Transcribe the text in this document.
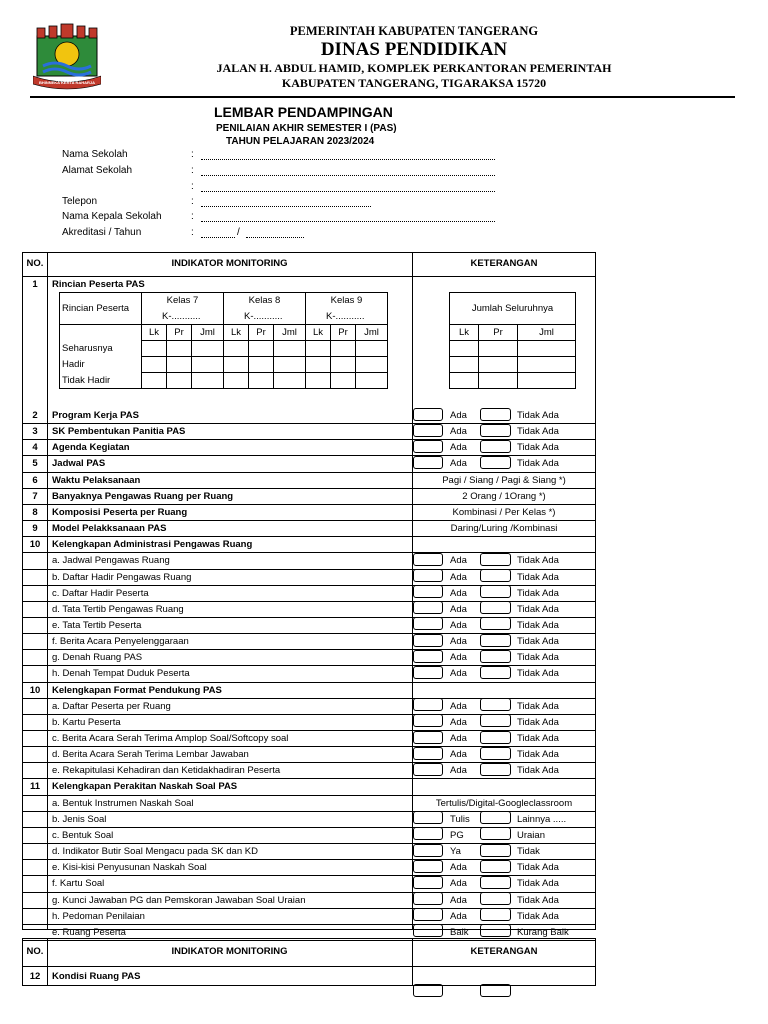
BHINNEKA KERTA RAHARJA
PEMERINTAH KABUPATEN TANGERANG
DINAS PENDIDIKAN
JALAN H. ABDUL HAMID, KOMPLEK PERKANTORAN PEMERINTAH
KABUPATEN TANGERANG, TIGARAKSA 15720
LEMBAR PENDAMPINGAN
PENILAIAN AKHIR SEMESTER I (PAS)
TAHUN PELAJARAN 2023/2024
Nama Sekolah	:
Alamat Sekolah	:
:
Telepon	:
Nama Kepala Sekolah	:
Akreditasi / Tahun	:	/
NO.	INDIKATOR MONITORING	KETERANGAN
1	Rincian Peserta PAS
Rincian Peserta	Kelas 7			Kelas 8			Kelas 9		
	K-...........			K-...........			K-...........		
	Lk	Pr	Jml	Lk	Pr	Jml	Lk	Pr	Jml
Seharusnya									
Hadir									
Tidak Hadir									
Jumlah Seluruhnya		
Lk	Pr	Jml

2	Program Kerja PAS	Ada	Tidak Ada
3	SK Pembentukan Panitia PAS	Ada	Tidak Ada
4	Agenda Kegiatan	Ada	Tidak Ada
5	Jadwal PAS	Ada	Tidak Ada
6	Waktu Pelaksanaan	Pagi / Siang / Pagi & Siang *)
7	Banyaknya Pengawas Ruang per Ruang	2 Orang / 1Orang *)
8	Komposisi Peserta per Ruang	Kombinasi / Per Kelas *)
9	Model Pelakksanaan PAS	Daring/Luring /Kombinasi
10	Kelengkapan Administrasi Pengawas Ruang
a. Jadwal Pengawas Ruang	Ada	Tidak Ada
b. Daftar Hadir Pengawas Ruang	Ada	Tidak Ada
c. Daftar Hadir Peserta	Ada	Tidak Ada
d. Tata Tertib Pengawas Ruang	Ada	Tidak Ada
e. Tata Tertib Peserta	Ada	Tidak Ada
f. Berita Acara Penyelenggaraan	Ada	Tidak Ada
g. Denah Ruang PAS	Ada	Tidak Ada
h. Denah Tempat Duduk Peserta	Ada	Tidak Ada
10	Kelengkapan Format Pendukung PAS
a. Daftar Peserta per Ruang	Ada	Tidak Ada
b. Kartu Peserta	Ada	Tidak Ada
c. Berita Acara Serah Terima Amplop Soal/Softcopy soal	Ada	Tidak Ada
d. Berita Acara Serah Terima Lembar Jawaban	Ada	Tidak Ada
e. Rekapitulasi Kehadiran dan Ketidakhadiran Peserta	Ada	Tidak Ada
11	Kelengkapan Perakitan Naskah Soal PAS
a. Bentuk Instrumen Naskah Soal	Tertulis/Digital-Googleclassroom
b. Jenis Soal	Tulis	Lainnya .....
c. Bentuk Soal	PG	Uraian
d. Indikator Butir Soal Mengacu pada SK dan KD	Ya	Tidak
e. Kisi-kisi Penyusunan Naskah Soal	Ada	Tidak Ada
f. Kartu Soal	Ada	Tidak Ada
g. Kunci Jawaban PG dan Pemskoran Jawaban Soal Uraian	Ada	Tidak Ada
h. Pedoman Penilaian	Ada	Tidak Ada
e. Ruang Peserta	Baik	Kurang Baik
NO.	INDIKATOR MONITORING	KETERANGAN
12	Kondisi Ruang PAS
